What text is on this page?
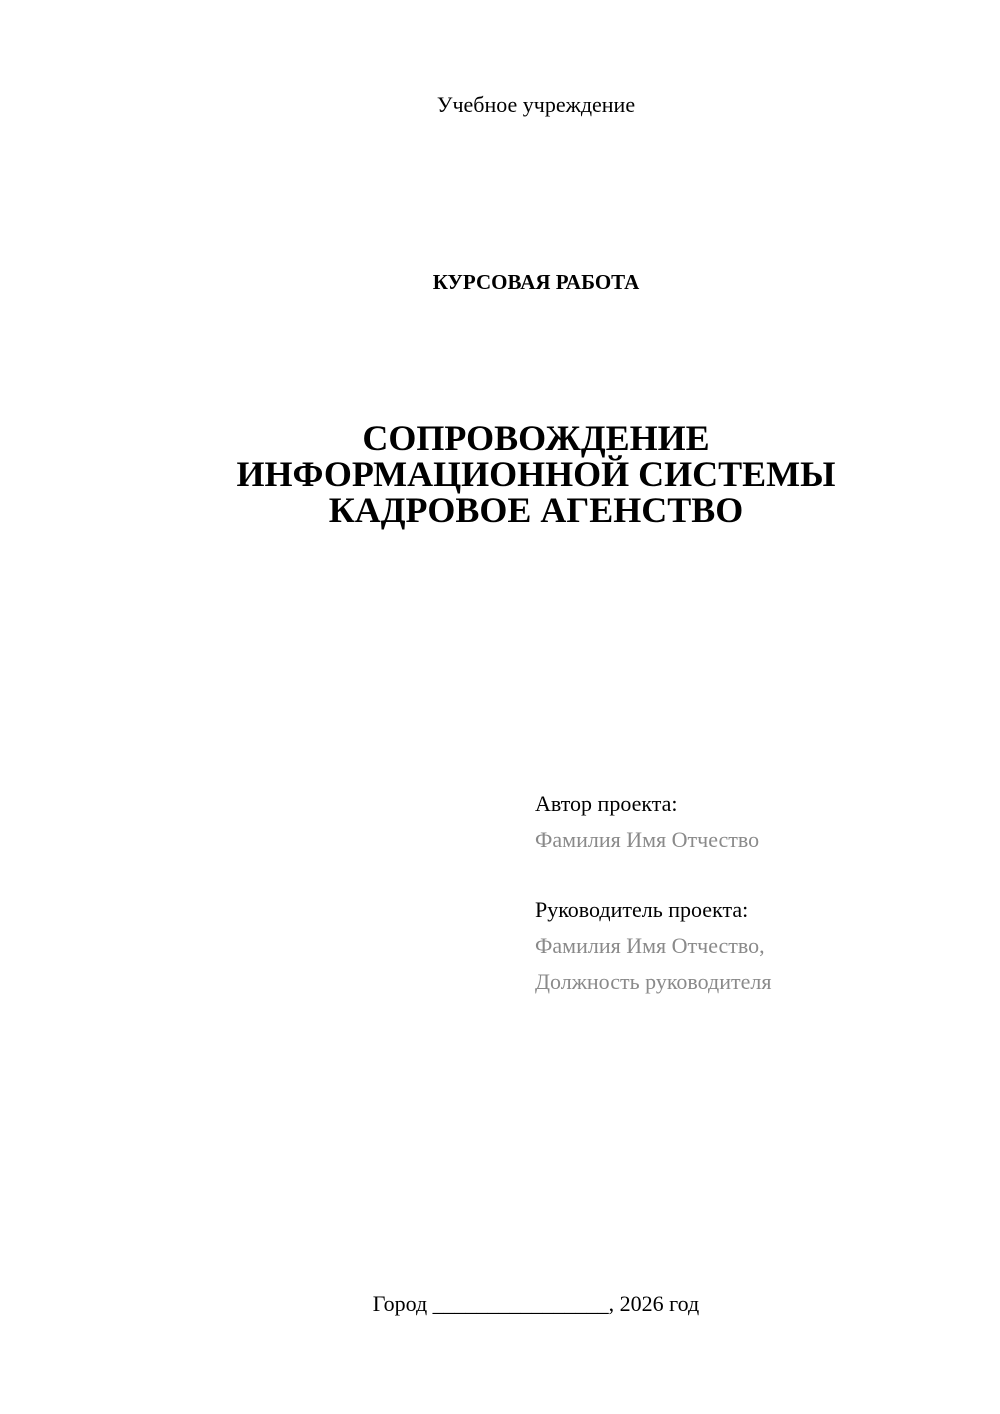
Учебное учреждение
КУРСОВАЯ РАБОТА
СОПРОВОЖДЕНИЕ
ИНФОРМАЦИОННОЙ СИСТЕМЫ
КАДРОВОЕ АГЕНСТВО
Автор проекта:
Фамилия Имя Отчество
Руководитель проекта:
Фамилия Имя Отчество,
Должность руководителя
Город ________________, 2026 год
